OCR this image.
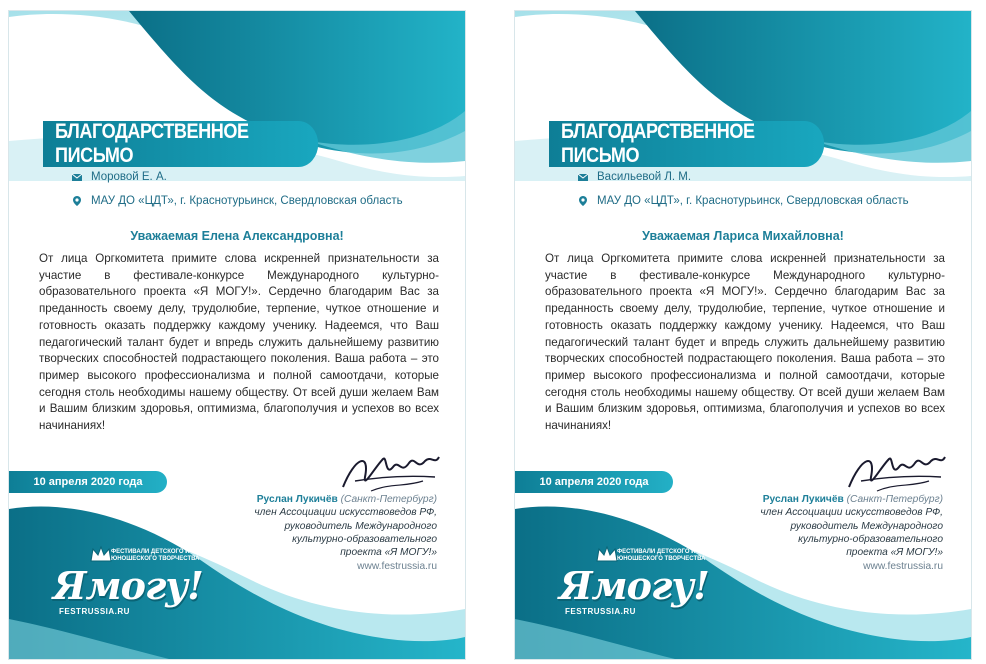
БЛАГОДАРСТВЕННОЕ ПИСЬМО
Моровой Е. А.
МАУ ДО «ЦДТ», г. Краснотурьинск, Свердловская область
Уважаемая Елена Александровна!
От лица Оргкомитета примите слова искренней признательности за участие в фестивале-конкурсе Международного культурно-образовательного проекта «Я МОГУ!». Сердечно благодарим Вас за преданность своему делу, трудолюбие, терпение, чуткое отношение и готовность оказать поддержку каждому ученику. Надеемся, что Ваш педагогический талант будет и впредь служить дальнейшему развитию творческих способностей подрастающего поколения. Ваша работа – это пример высокого профессионализма и полной самоотдачи, которые сегодня столь необходимы нашему обществу. От всей души желаем Вам и Вашим близким здоровья, оптимизма, благополучия и успехов во всех начинаниях!
10 апреля 2020 года
Руслан Лукичёв (Санкт-Петербург)
член Ассоциации искусствоведов РФ,
руководитель Международного
культурно-образовательного
проекта «Я МОГУ!»
www.festrussia.ru
ФЕСТИВАЛИ ДЕТСКОГО И ЮНОШЕСКОГО ТВОРЧЕСТВА
Ямогу!
FESTRUSSIA.RU
БЛАГОДАРСТВЕННОЕ ПИСЬМО
Васильевой Л. М.
МАУ ДО «ЦДТ», г. Краснотурьинск, Свердловская область
Уважаемая Лариса Михайловна!
От лица Оргкомитета примите слова искренней признательности за участие в фестивале-конкурсе Международного культурно-образовательного проекта «Я МОГУ!». Сердечно благодарим Вас за преданность своему делу, трудолюбие, терпение, чуткое отношение и готовность оказать поддержку каждому ученику. Надеемся, что Ваш педагогический талант будет и впредь служить дальнейшему развитию творческих способностей подрастающего поколения. Ваша работа – это пример высокого профессионализма и полной самоотдачи, которые сегодня столь необходимы нашему обществу. От всей души желаем Вам и Вашим близким здоровья, оптимизма, благополучия и успехов во всех начинаниях!
10 апреля 2020 года
Руслан Лукичёв (Санкт-Петербург)
член Ассоциации искусствоведов РФ,
руководитель Международного
культурно-образовательного
проекта «Я МОГУ!»
www.festrussia.ru
ФЕСТИВАЛИ ДЕТСКОГО И ЮНОШЕСКОГО ТВОРЧЕСТВА
Ямогу!
FESTRUSSIA.RU
